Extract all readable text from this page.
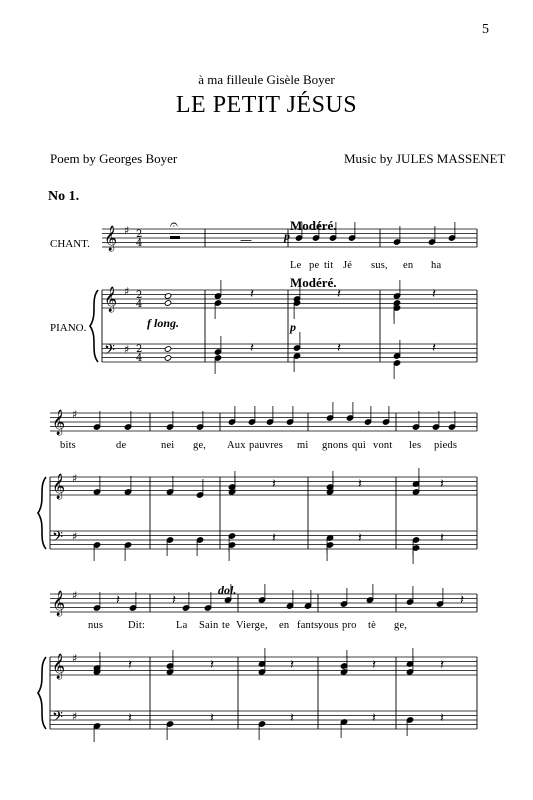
𝄞
𝄞
𝄢
♯
♯
♯
2
4
2
4
2
4
𝄐
—
𝄽	𝄽	𝄽
𝄽	𝄽	𝄽
𝄞
𝄞
𝄢
♯
♯
♯
𝄽	𝄽	𝄽
𝄽	𝄽	𝄽
𝄞
𝄞
𝄢
♯
♯
♯
𝄽	𝄽	𝄽
𝄽	𝄽	𝄽	𝄽	𝄽
𝄽	𝄽	𝄽	𝄽	𝄽
5
à ma filleule Gisèle Boyer
LE PETIT JÉSUS
Poem by Georges Boyer	Music by JULES MASSENET
No 1.
CHANT.
PIANO.
Modéré.
Modéré.
p
f long.	p
dol.
Le pe tit Jé sus, en ha
bits	de	nei ge, Aux pauvres mi gnons qui vont les pieds
nus Dit:	La Sain te Vierge, en fants,
vous pro tè ge,
